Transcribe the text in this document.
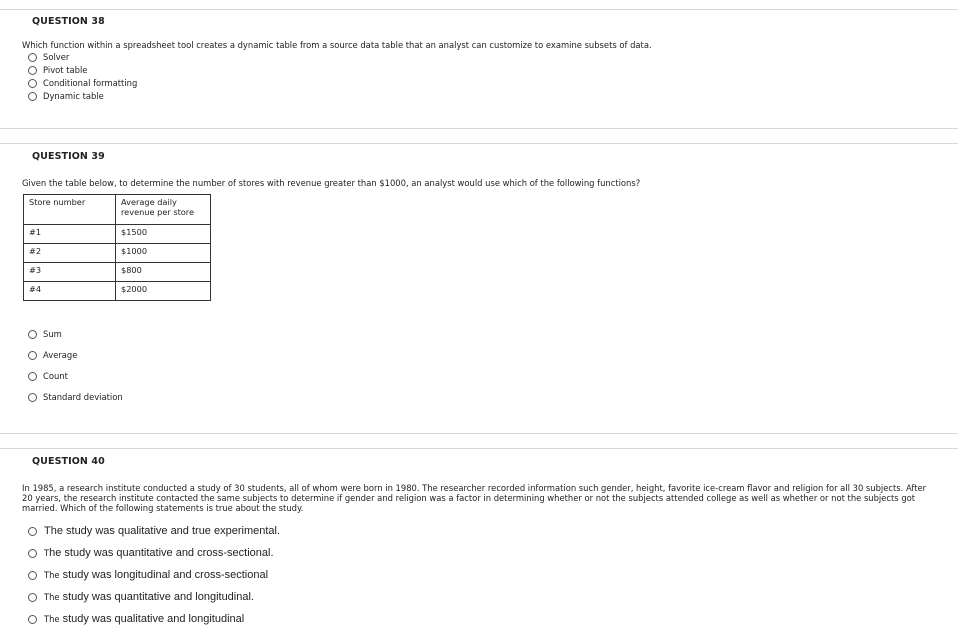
QUESTION 38
Which function within a spreadsheet tool creates a dynamic table from a source data table that an analyst can customize to examine subsets of data.
Solver
Pivot table
Conditional formatting
Dynamic table
QUESTION 39
Given the table below, to determine the number of stores with revenue greater than $1000, an analyst would use which of the following functions?
Store number	Average daily revenue per store
#1	$1500
#2	$1000
#3	$800
#4	$2000
Sum
Average
Count
Standard deviation
QUESTION 40
In 1985, a research institute conducted a study of 30 students, all of whom were born in 1980. The researcher recorded information such gender, height, favorite ice-cream flavor and religion for all 30 subjects. After 20 years, the research institute contacted the same subjects to determine if gender and religion was a factor in determining whether or not the subjects attended college as well as whether or not the subjects got married. Which of the following statements is true about the study.
The study was qualitative and true experimental.
T he study was quantitative and cross-sectional.
The study was longitudinal and cross-sectional
The study was quantitative and longitudinal.
The study was qualitative and longitudinal
